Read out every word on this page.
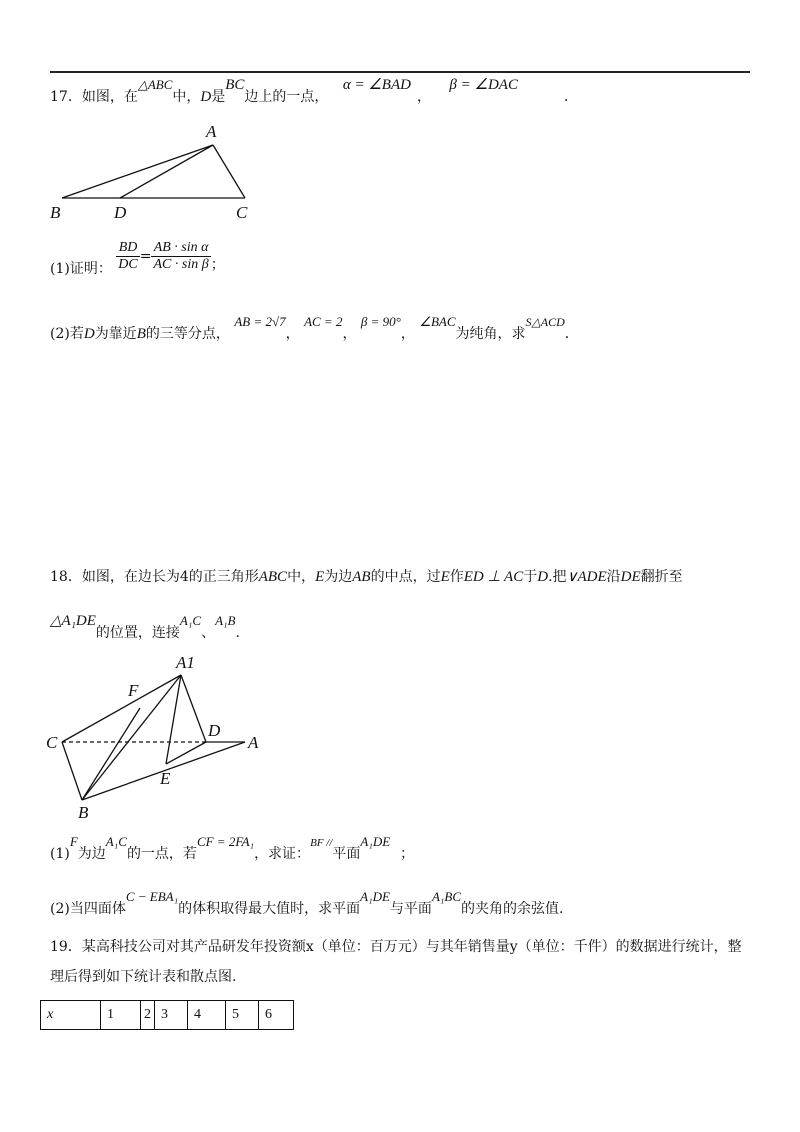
17．如图，在△ABC中，D是BC边上的一点， α = ∠BAD， β = ∠DAC．
A
B	D	C
(1)证明： $\frac{BD}{DC} = \frac{\text{AB · sin α}}{\text{AC · sin β}}$ ；
(2)若D为靠近B的三等分点， AB = 2√7， AC = 2， β = 90°， ∠BAC为纯角，求S△ACD．
18．如图，在边长为4的正三角形ABC中，E为边AB的中点，过E作ED ⊥ AC于D.把∨ADE沿DE翻折至
△A₁DE的位置，连接A₁C、A₁B.
A1
F
C
D
A
E
B
(1)F为边A₁C的一点，若CF = 2FA₁，求证：$^{BF //}$平面A₁DE；
(2)当四面体C − EBA₁的体积取得最大值时，求平面A₁DE与平面A₁BC的夹角的余弦值.
19．某高科技公司对其产品研发年投资额x（单位：百万元）与其年销售量y（单位：千件）的数据进行统计，整
理后得到如下统计表和散点图.
x	1	2	3	4	5	6
